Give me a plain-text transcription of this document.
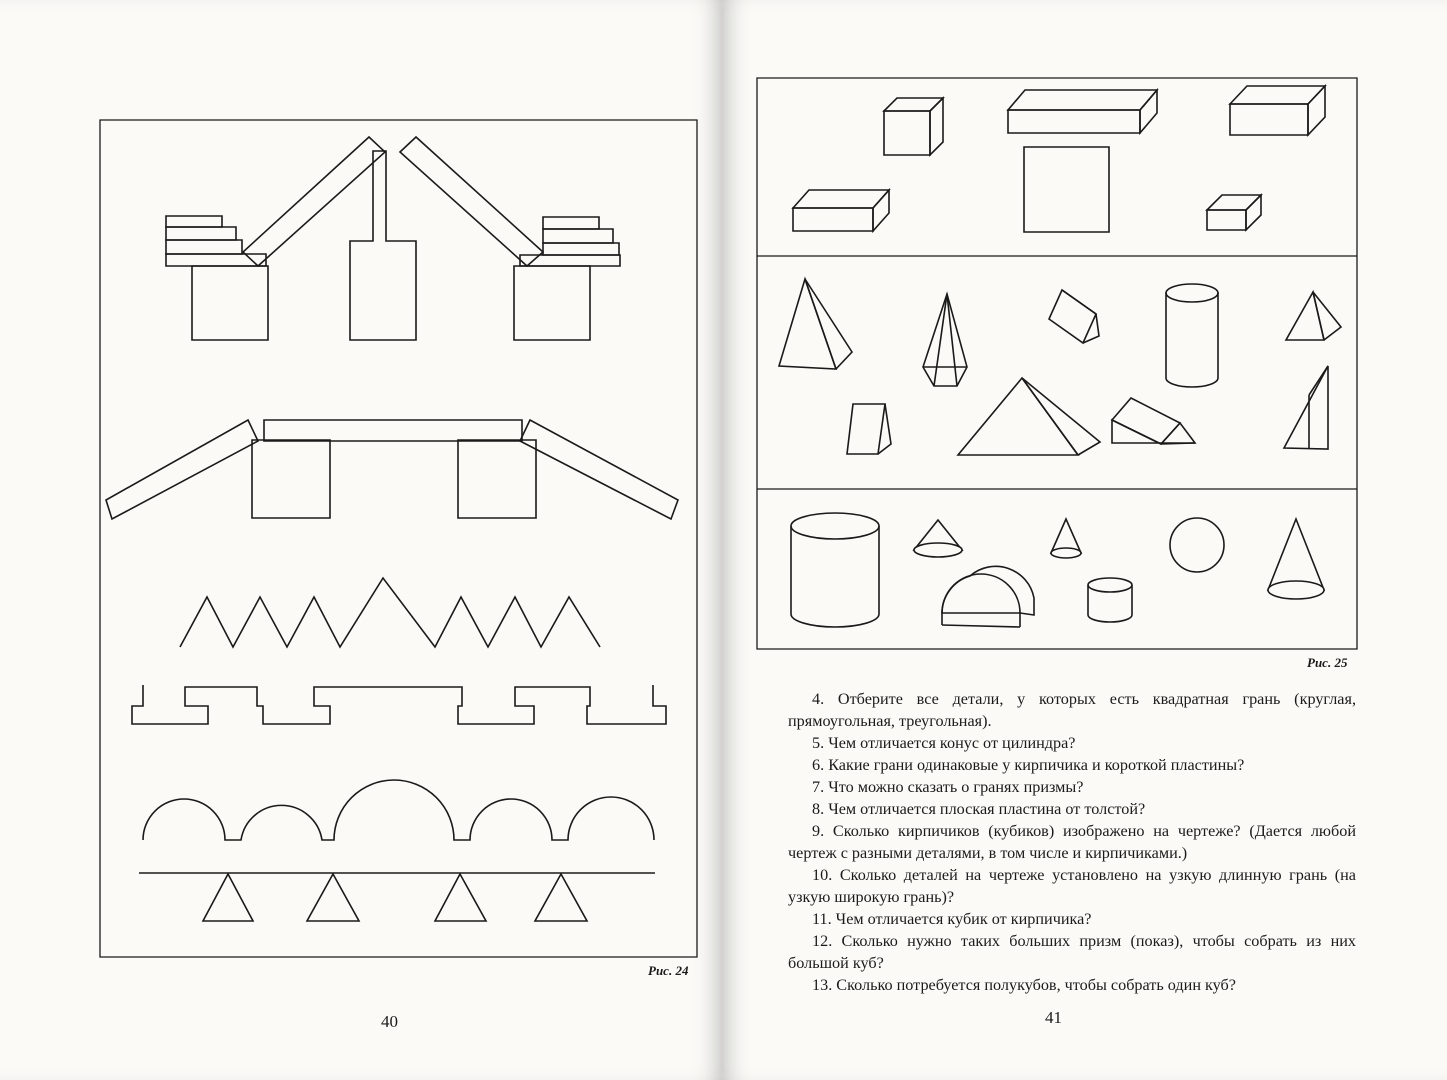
Рис. 24
Рис. 25

4. Отберите все детали, у которых есть квадратная грань (круглая, прямоугольная, треугольная).

5. Чем отличается конус от цилиндра?

6. Какие грани одинаковые у кирпичика и короткой пластины?

7. Что можно сказать о гранях призмы?

8. Чем отличается плоская пластина от толстой?

9. Сколько кирпичиков (кубиков) изображено на чертеже? (Дается любой чертеж с разными деталями, в том числе и кирпичиками.)

10. Сколько деталей на чертеже установлено на узкую длинную грань (на узкую широкую грань)?

11. Чем отличается кубик от кирпичика?

12. Сколько нужно таких больших призм (показ), чтобы собрать из них большой куб?

13. Сколько потребуется полукубов, чтобы собрать один куб?

40	41
